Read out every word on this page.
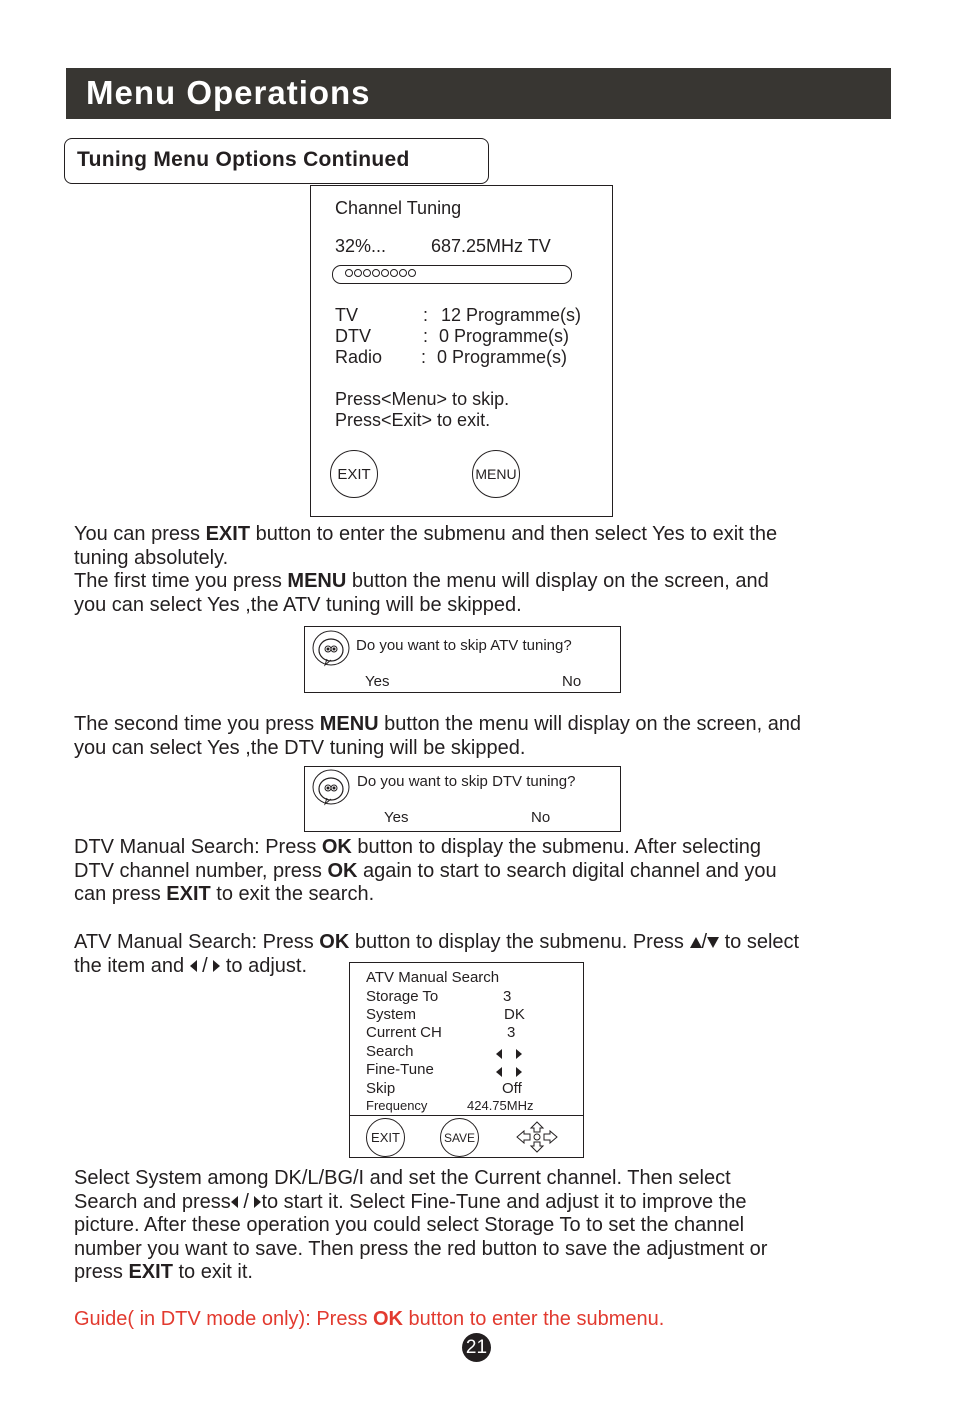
Menu Operations
Tuning Menu Options Continued
Channel Tuning
32%... 687.25MHz TV
TV	: 12 Programme(s)
DTV	: 0 Programme(s)
Radio : 0 Programme(s)
Press<Menu> to skip.
Press<Exit> to exit.
EXIT	MENU
You can press EXIT button to enter the submenu and then select Yes to exit the
tuning absolutely.
The first time you press MENU button the menu will display on the screen, and
you can select Yes ,the ATV tuning will be skipped.
Do you want to skip ATV tuning?
Yes	No
The second time you press MENU button the menu will display on the screen, and
you can select Yes ,the DTV tuning will be skipped.
Do you want to skip DTV tuning?
Yes	No
DTV Manual Search: Press OK button to display the submenu. After selecting
DTV channel number, press OK again to start to search digital channel and you
can press EXIT to exit the search.
ATV Manual Search: Press OK button to display the submenu. Press / to select
the item and  /  to adjust.
ATV Manual Search
Storage To	3
System	DK
Current CH	3
Search

Fine-Tune

Skip	Off
Frequency	424.75MHz
EXIT	SAVE
Select System among DK/L/BG/I and set the Current channel. Then select
Search and press / to start it. Select Fine-Tune and adjust it to improve the
picture. After these operation you could select Storage To to set the channel
number you want to save. Then press the red button to save the adjustment or
press EXIT to exit it.
Guide( in DTV mode only): Press OK button to enter the submenu.
21
